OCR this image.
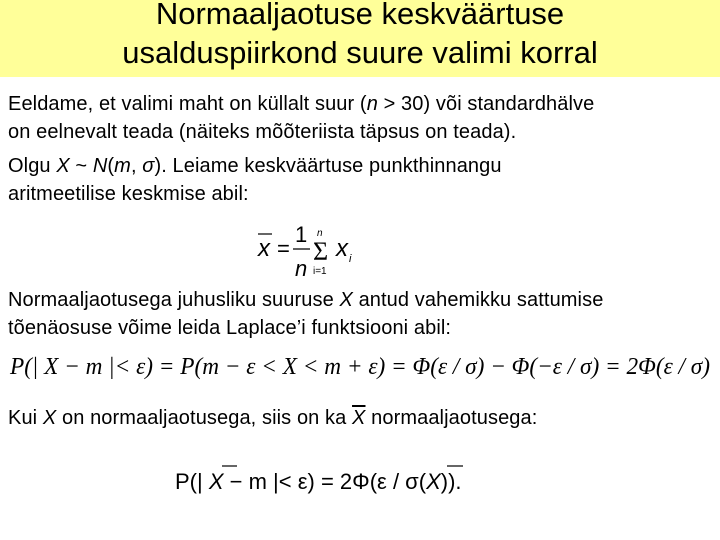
Normaaljaotuse keskväärtuse
usalduspiirkond suure valimi korral
Eeldame, et valimi maht on küllalt suur (n > 30) või standardhälve
on eelnevalt teada (näiteks mõõteriista täpsus on teada).
Olgu X ~ N(m, σ). Leiame keskväärtuse punkthinnangu
aritmeetilise keskmise abil:
x =
1
n
n
Σ
i=1
x i
Normaaljaotusega juhusliku suuruse X antud vahemikku sattumise
tõenäosuse võime leida Laplace’i funktsiooni abil:
P(| X − m |< ε) = P(m − ε < X < m + ε) = Φ(ε / σ) − Φ(−ε / σ) = 2Φ(ε / σ)
Kui X on normaaljaotusega, siis on ka $\overline{X}$ normaaljaotusega:
P(| X − m |< ε) = 2Φ(ε / σ(X)).
